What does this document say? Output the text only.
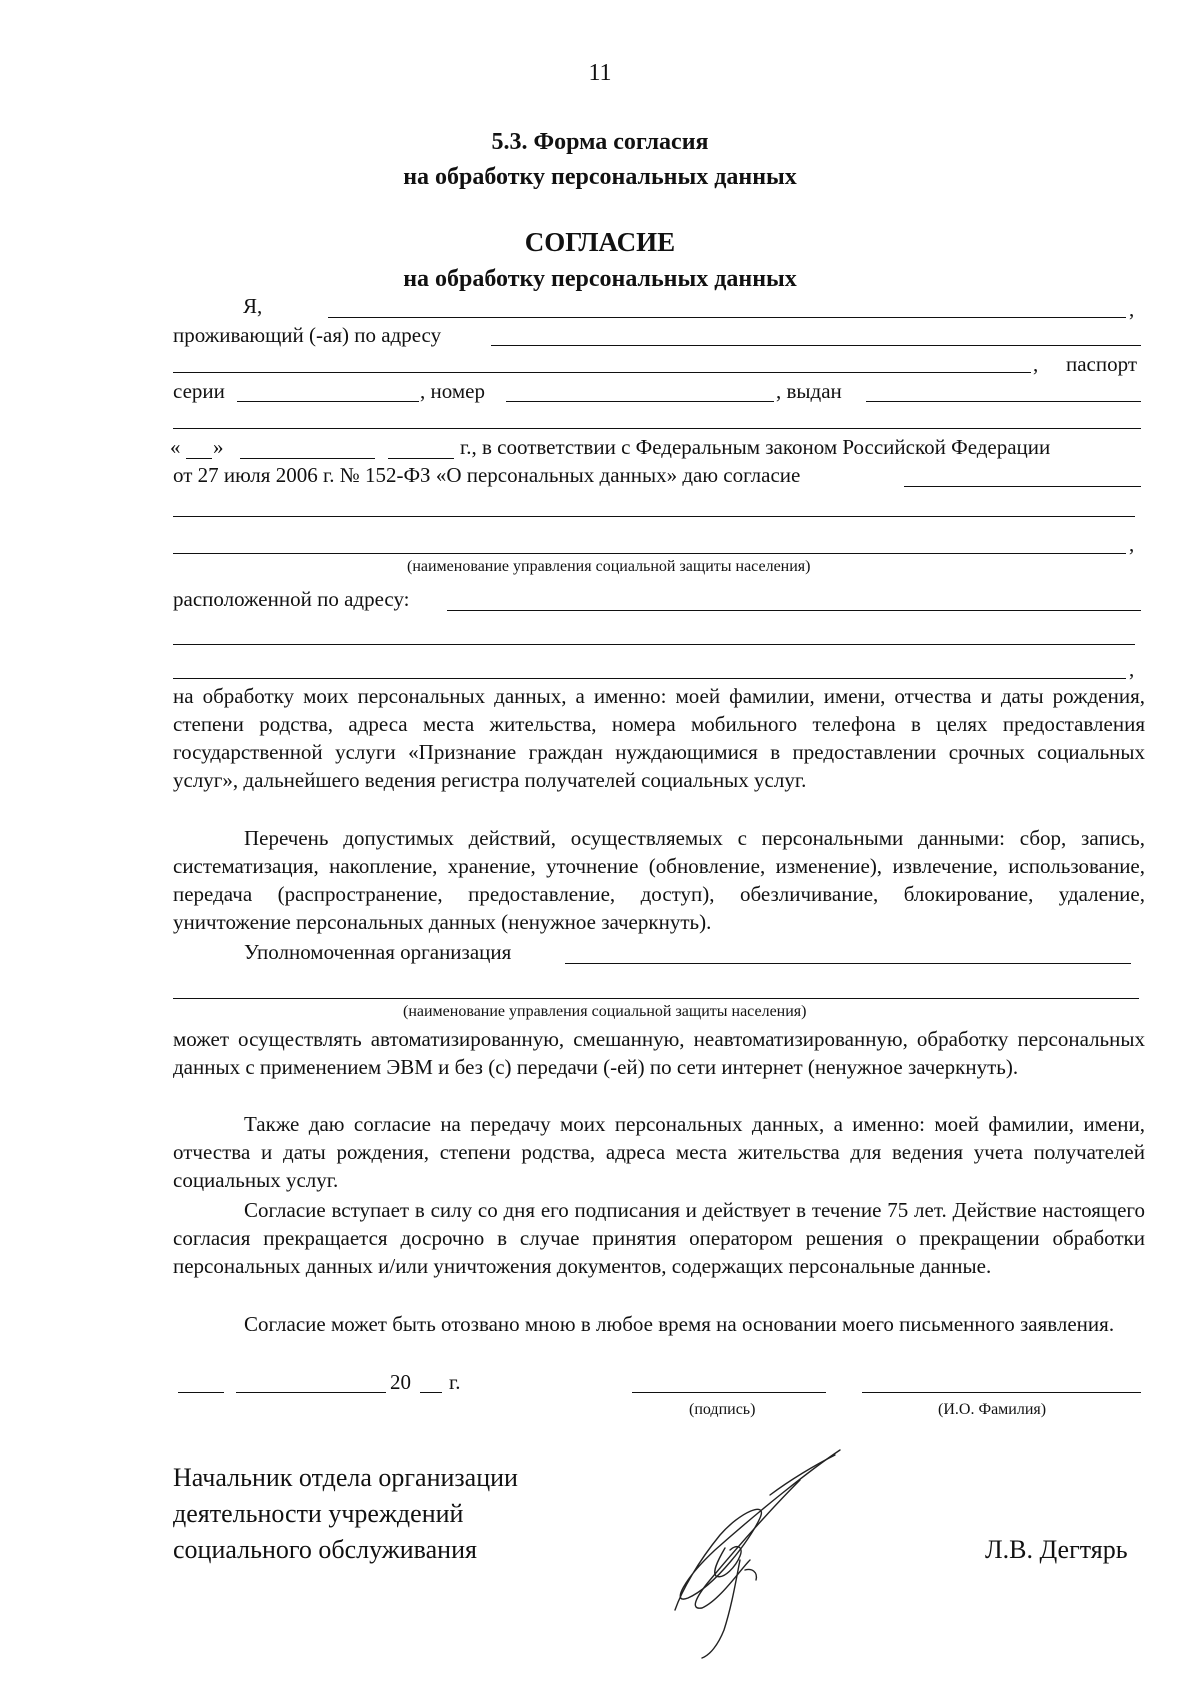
11
5.3. Форма согласия
на обработку персональных данных
СОГЛАСИЕ
на обработку персональных данных
Я,	,
проживающий (-ая) по адресу
, паспорт
серии	, номер	, выдан
« »	г., в соответствии с Федеральным законом Российской Федерации
от 27 июля 2006 г. № 152-ФЗ «О персональных данных» даю согласие
,
(наименование управления социальной защиты населения)
расположенной по адресу:
,
на обработку моих персональных данных, а именно: моей фамилии, имени, отчества и даты рождения, степени родства, адреса места жительства, номера мобильного телефона в целях предоставления государственной услуги «Признание граждан нуждающимися в предоставлении срочных социальных услуг», дальнейшего ведения регистра получателей социальных услуг.
Перечень допустимых действий, осуществляемых с персональными данными: сбор, запись, систематизация, накопление, хранение, уточнение (обновление, изменение), извлечение, использование, передача (распространение, предоставление, доступ), обезличивание, блокирование, удаление, уничтожение персональных данных (ненужное зачеркнуть).
Уполномоченная организация
(наименование управления социальной защиты населения)
может осуществлять автоматизированную, смешанную, неавтоматизированную, обработку персональных данных с применением ЭВМ и без (с) передачи (-ей) по сети интернет (ненужное зачеркнуть).
Также даю согласие на передачу моих персональных данных, а именно: моей фамилии, имени, отчества и даты рождения, степени родства, адреса места жительства для ведения учета получателей социальных услуг.
Согласие вступает в силу со дня его подписания и действует в течение 75 лет. Действие настоящего согласия прекращается досрочно в случае принятия оператором решения о прекращении обработки персональных данных и/или уничтожения документов, содержащих персональные данные.
Согласие может быть отозвано мною в любое время на основании моего письменного заявления.
20 г.
(подпись)	(И.О. Фамилия)
Начальник отдела организации
деятельности учреждений
социального обслуживания	Л.В. Дегтярь
